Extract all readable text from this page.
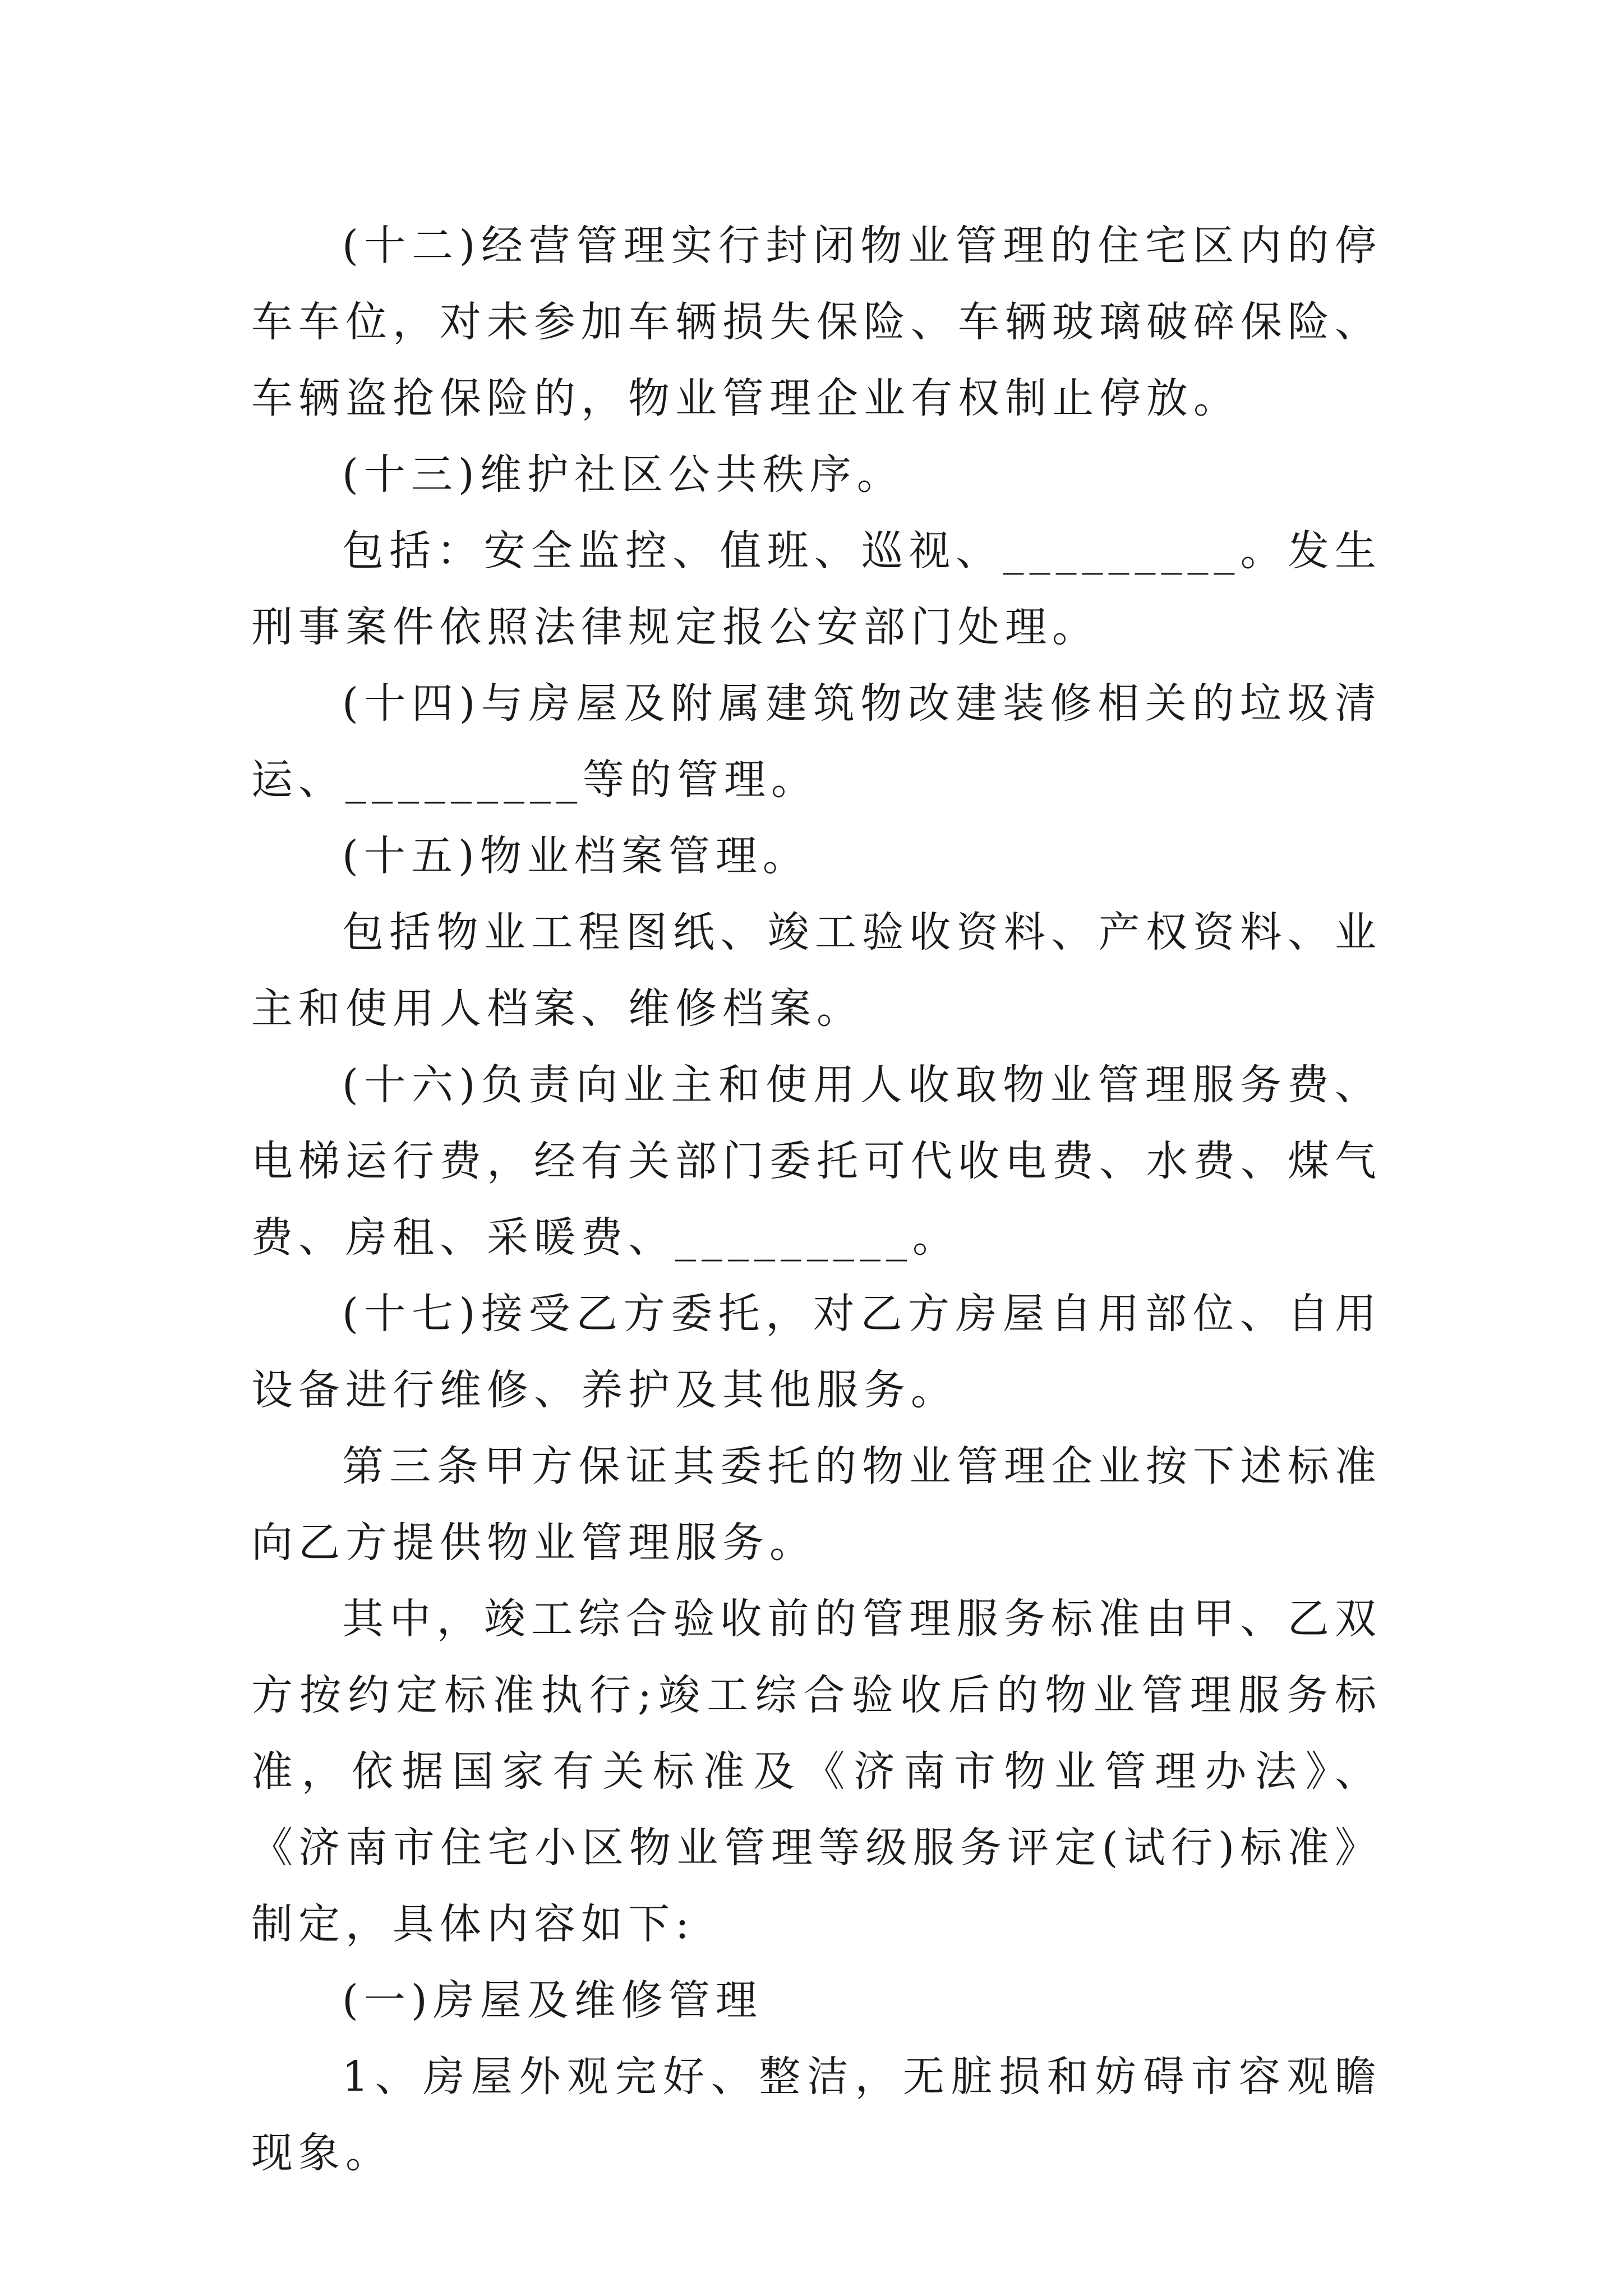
(十二)经营管理实行封闭物业管理的住宅区内的停车车位，对未参加车辆损失保险、车辆玻璃破碎保险、车辆盗抢保险的，物业管理企业有权制止停放。

(十三)维护社区公共秩序。

包括：安全监控、值班、巡视、_________。发生刑事案件依照法律规定报公安部门处理。

(十四)与房屋及附属建筑物改建装修相关的垃圾清运、_________等的管理。

(十五)物业档案管理。

包括物业工程图纸、竣工验收资料、产权资料、业主和使用人档案、维修档案。

(十六)负责向业主和使用人收取物业管理服务费、电梯运行费，经有关部门委托可代收电费、水费、煤气费、房租、采暖费、_________。

(十七)接受乙方委托，对乙方房屋自用部位、自用设备进行维修、养护及其他服务。

第三条甲方保证其委托的物业管理企业按下述标准向乙方提供物业管理服务。

其中，竣工综合验收前的管理服务标准由甲、乙双方按约定标准执行;竣工综合验收后的物业管理服务标准，依据国家有关标准及《济南市物业管理办法》、《济南市住宅小区物业管理等级服务评定(试行)标准》制定，具体内容如下:

(一)房屋及维修管理

1、房屋外观完好、整洁，无脏损和妨碍市容观瞻现象。
